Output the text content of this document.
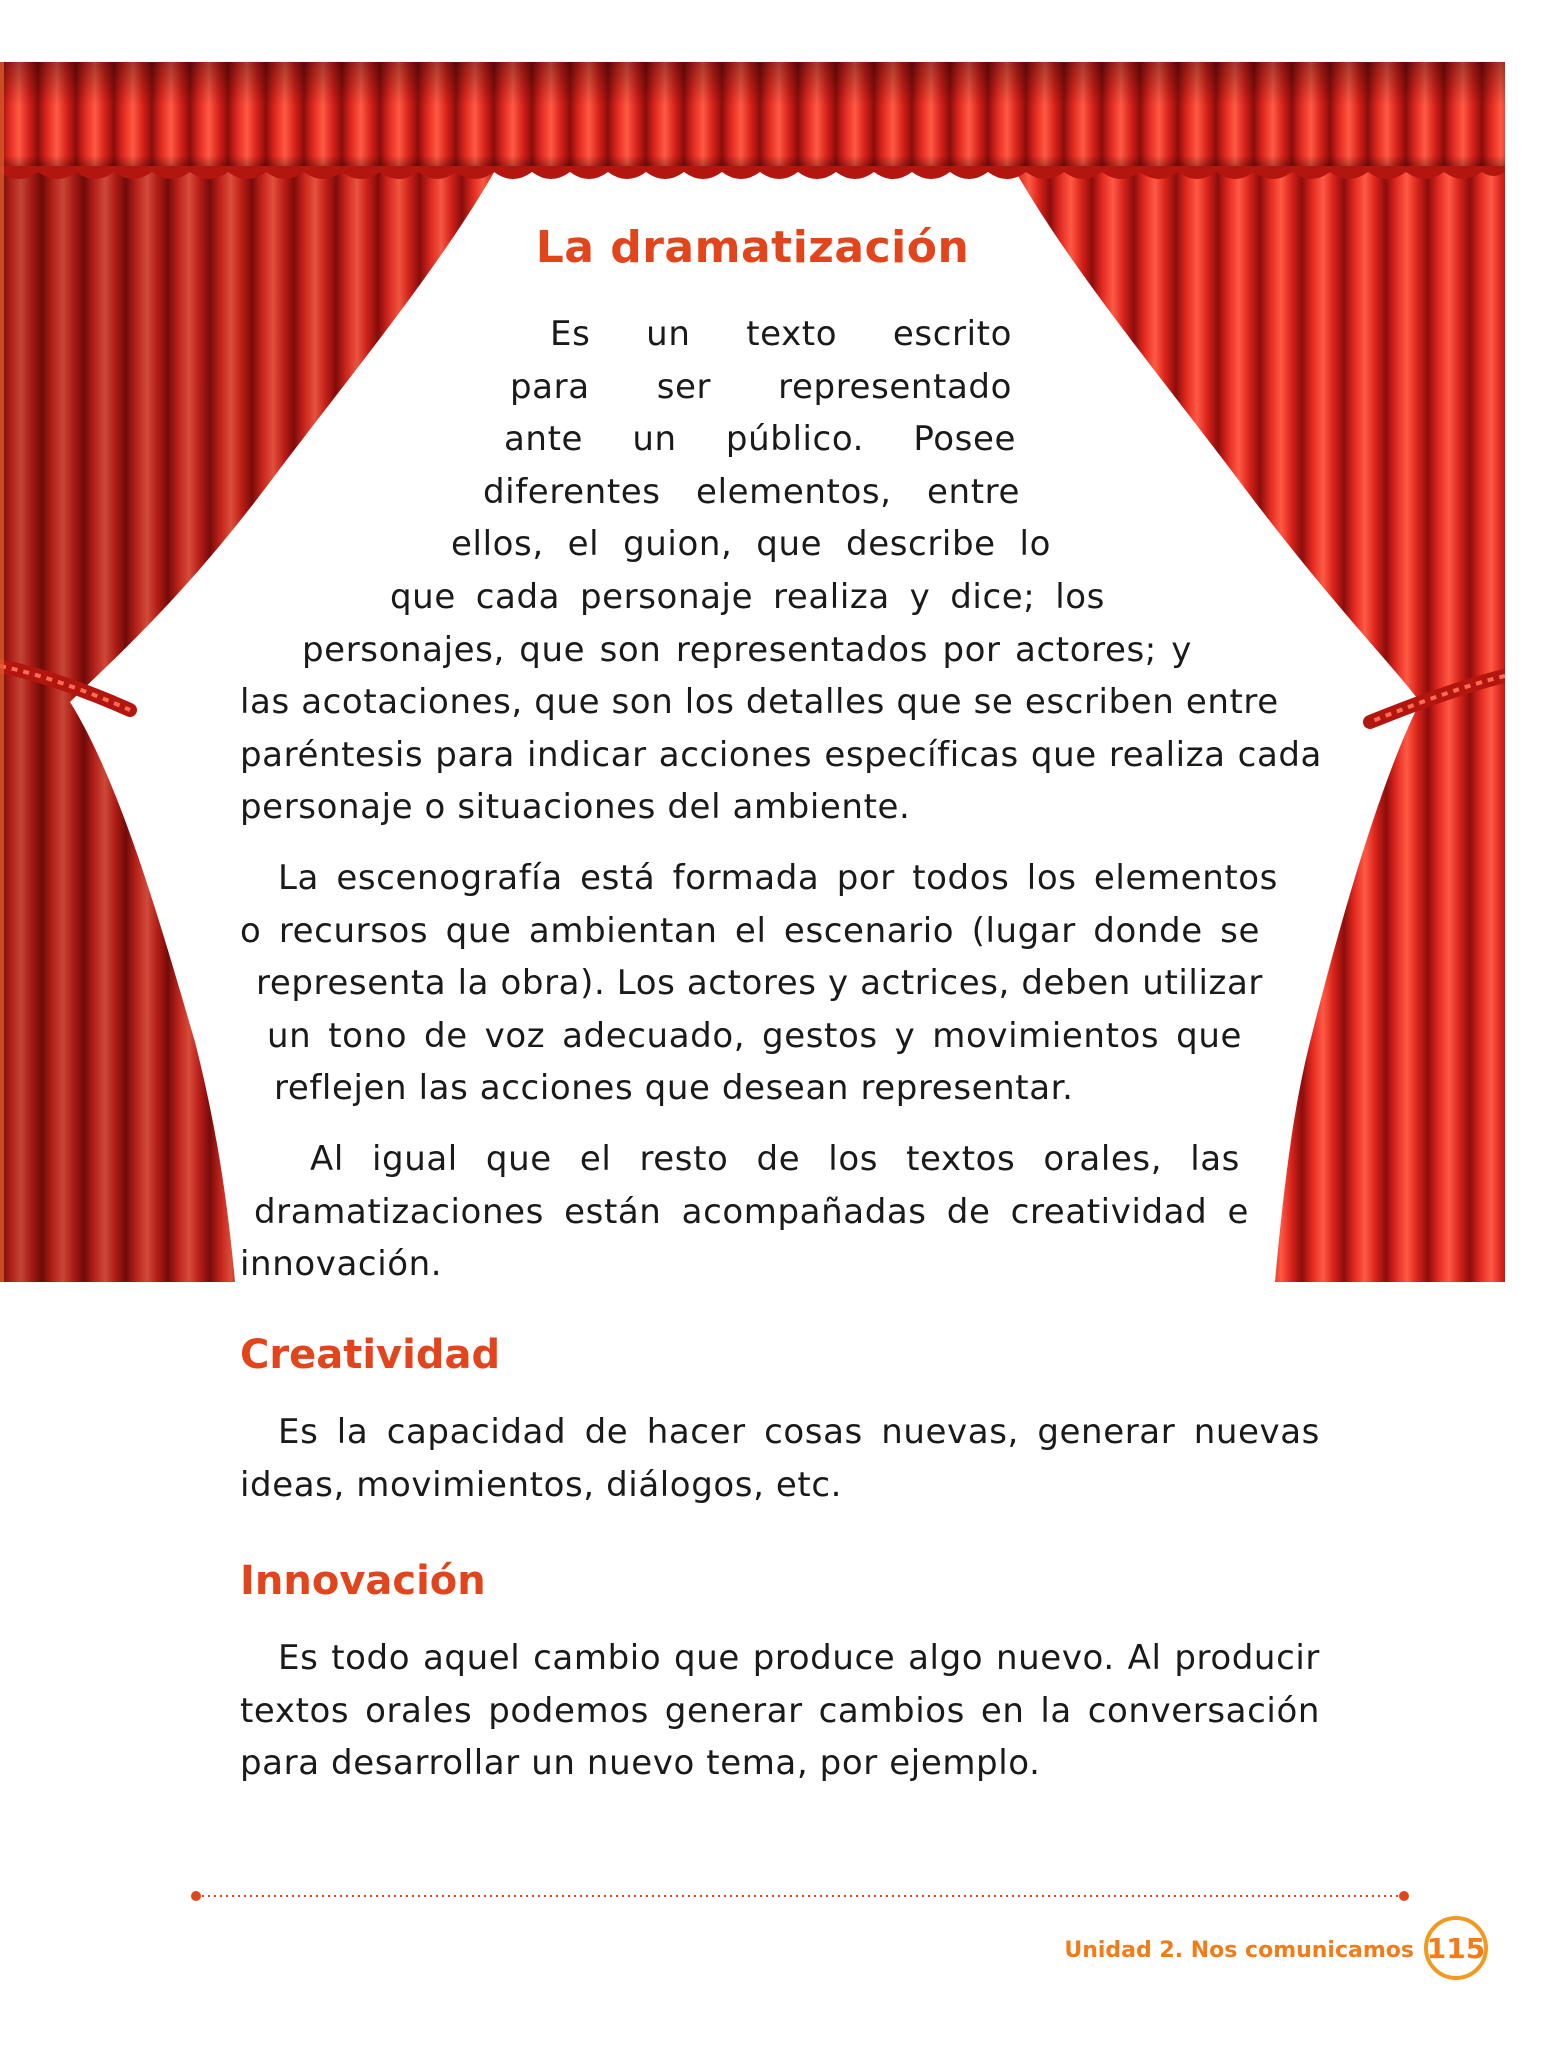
La dramatización

Es un texto escrito
para ser representado
ante un público. Posee
diferentes elementos, entre
ellos, el guion, que describe lo
que cada personaje realiza y dice; los
personajes, que son representados por actores; y
las acotaciones, que son los detalles que se escriben entre
paréntesis para indicar acciones específicas que realiza cada
personaje o situaciones del ambiente.

La escenografía está formada por todos los elementos
o recursos que ambientan el escenario (lugar donde se
representa la obra). Los actores y actrices, deben utilizar
un tono de voz adecuado, gestos y movimientos que
reflejen las acciones que desean representar.

Al igual que el resto de los textos orales, las
dramatizaciones están acompañadas de creatividad e
innovación.

Creatividad

Es la capacidad de hacer cosas nuevas, generar nuevas
ideas, movimientos, diálogos, etc.

Innovación

Es todo aquel cambio que produce algo nuevo. Al producir
textos orales podemos generar cambios en la conversación
para desarrollar un nuevo tema, por ejemplo.

Unidad 2. Nos comunicamos 115
